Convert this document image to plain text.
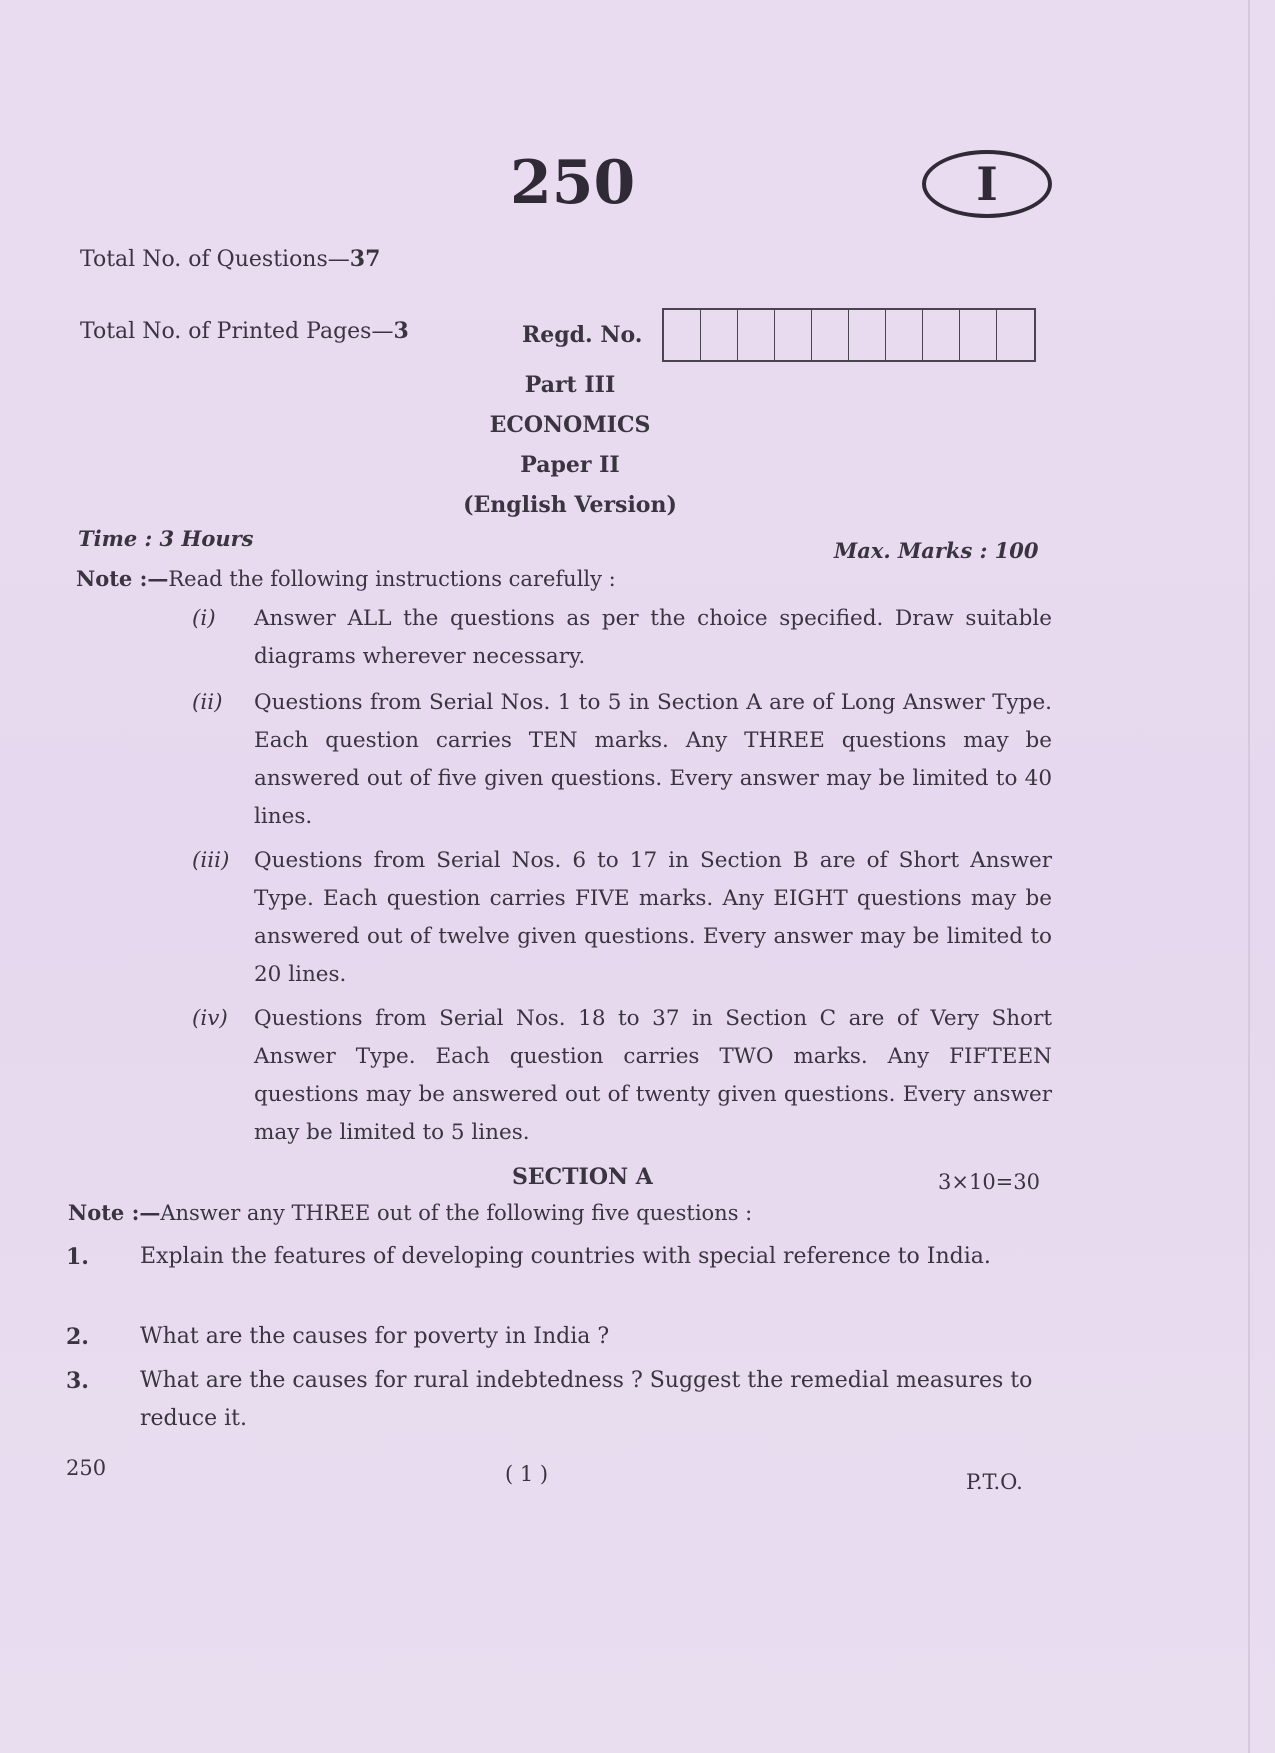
250	I
Total No. of Questions—37
Total No. of Printed Pages—3	Regd. No.
Part III
ECONOMICS
Paper II
(English Version)
Time : 3 Hours	Max. Marks : 100
Note :—Read the following instructions carefully :
(i) Answer ALL the questions as per the choice specified. Draw suitable diagrams wherever necessary.
(ii) Questions from Serial Nos. 1 to 5 in Section A are of Long Answer Type. Each question carries TEN marks. Any THREE questions may be answered out of five given questions. Every answer may be limited to 40 lines.
(iii) Questions from Serial Nos. 6 to 17 in Section B are of Short Answer Type. Each question carries FIVE marks. Any EIGHT questions may be answered out of twelve given questions. Every answer may be limited to 20 lines.
(iv) Questions from Serial Nos. 18 to 37 in Section C are of Very Short Answer Type. Each question carries TWO marks. Any FIFTEEN questions may be answered out of twenty given questions. Every answer may be limited to 5 lines.
SECTION A	3×10=30
Note :—Answer any THREE out of the following five questions :
1. Explain the features of developing countries with special reference to India.
2. What are the causes for poverty in India ?
3. What are the causes for rural indebtedness ? Suggest the remedial measures to reduce it.
250	( 1 )	P.T.O.
